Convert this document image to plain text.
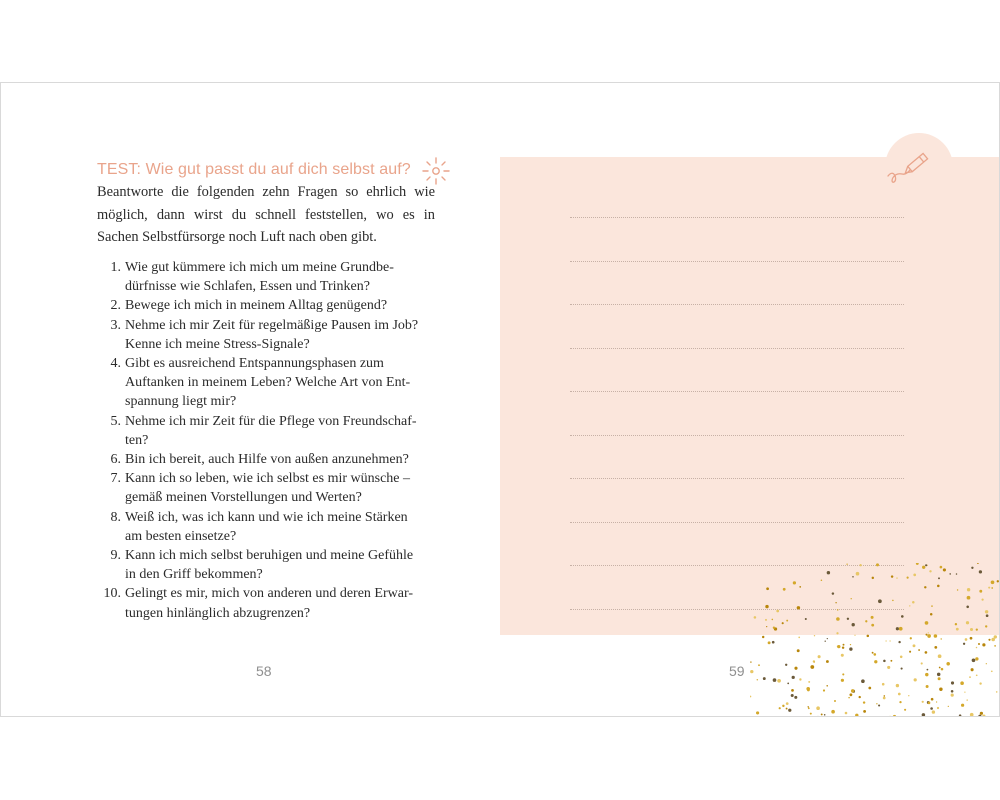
TEST: Wie gut passt du auf dich selbst auf?
Beantworte die folgenden zehn Fragen so ehrlich wie möglich, dann wirst du schnell feststellen, wo es in Sachen Selbstfürsorge noch Luft nach oben gibt.
1. Wie gut kümmere ich mich um meine Grundbe-
dürfnisse wie Schlafen, Essen und Trinken?
2. Bewege ich mich in meinem Alltag genügend?
3. Nehme ich mir Zeit für regelmäßige Pausen im Job?
Kenne ich meine Stress-Signale?
4. Gibt es ausreichend Entspannungsphasen zum
Auftanken in meinem Leben? Welche Art von Ent-
spannung liegt mir?
5. Nehme ich mir Zeit für die Pflege von Freundschaf-
ten?
6. Bin ich bereit, auch Hilfe von außen anzunehmen?
7. Kann ich so leben, wie ich selbst es mir wünsche –
gemäß meinen Vorstellungen und Werten?
8. Weiß ich, was ich kann und wie ich meine Stärken
am besten einsetze?
9. Kann ich mich selbst beruhigen und meine Gefühle
in den Griff bekommen?
10. Gelingt es mir, mich von anderen und deren Erwar-
tungen hinlänglich abzugrenzen?
58	59
